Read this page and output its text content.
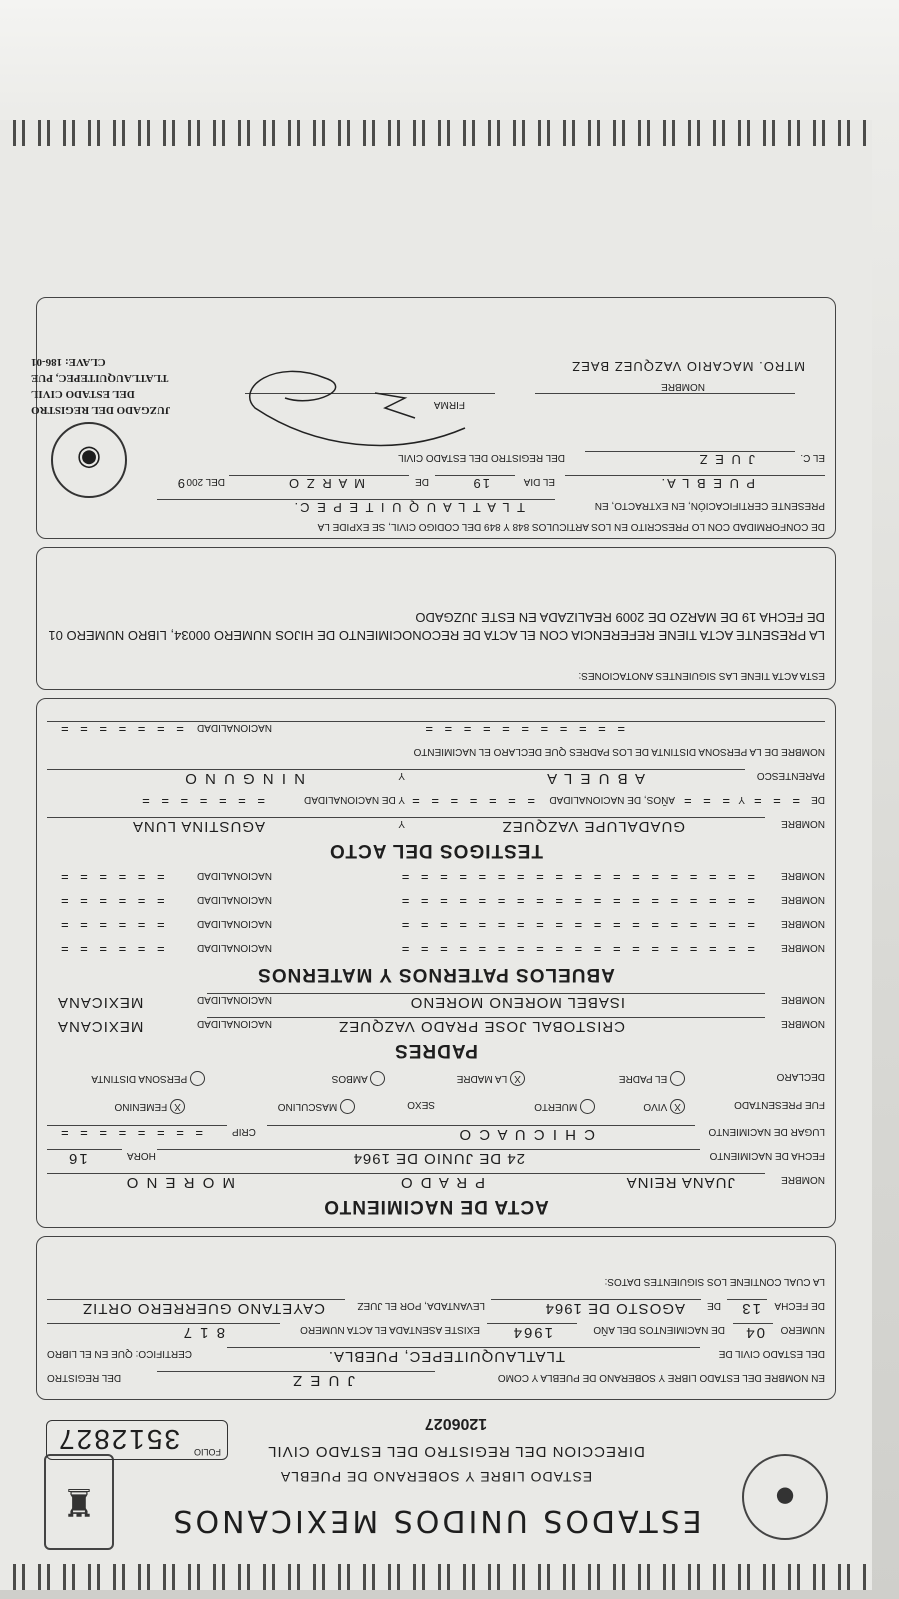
●
♜	ESTADOS UNIDOS MEXICANOS
ESTADO LIBRE Y SOBERANO DE PUEBLA
DIRECCION DEL REGISTRO DEL ESTADO CIVIL
FOLIO
3512827
1206027
EN NOMBRE DEL ESTADO LIBRE Y SOBERANO DE PUEBLA Y COMO
J U E Z
DEL REGISTRO
DEL ESTADO CIVIL DE
TLATLAUQUITEPEC, PUEBLA.
CERTIFICO: QUE EN EL LIBRO
NUMERO
04
DE NACIMIENTOS DEL AÑO
1964
EXISTE ASENTADA EL ACTA NUMERO
8 1 7
DE FECHA
13
DE
AGOSTO DE 1964
LEVANTADA, POR EL JUEZ
CAYETANO GUERRERO ORTIZ
LA CUAL CONTIENE LOS SIGUIENTES DATOS:
ACTA DE NACIMIENTO
NOMBRE
JUANA REINA
P R A D O
M O R E N O
FECHA DE NACIMIENTO
24 DE JUNIO DE 1964
HORA
16
LUGAR DE NACIMIENTO
C H I C U A C O
CRIP
= = = = = = = =
FUE PRESENTADO
X VIVO
MUERTO
SEXO
MASCULINO
X FEMENINO
DECLARO
EL PADRE
X LA MADRE
AMBOS
PERSONA DISTINTA
PADRES
NOMBRE
CRISTOBAL JOSE PRADO VAZQUEZ
NACIONALIDAD
MEXICANA
NOMBRE
ISABEL MORENO MORENO
NACIONALIDAD
MEXICANA
ABUELOS PATERNOS Y MATERNOS
NOMBRE
= = = = = = = = = = = = = = = = = = =
NACIONALIDAD
= = = = = =
NOMBRE
= = = = = = = = = = = = = = = = = = =
NACIONALIDAD
= = = = = =
NOMBRE
= = = = = = = = = = = = = = = = = = =
NACIONALIDAD
= = = = = =
NOMBRE
= = = = = = = = = = = = = = = = = = =
NACIONALIDAD
= = = = = =
TESTIGOS DEL ACTO
NOMBRE
GUADALUPE VAZQUEZ
Y
AGUSTINA LUNA
DE
= = =
Y
= = =
AÑOS, DE NACIONALIDAD
= = = = = = =
Y DE NACIONALIDAD
= = = = = = =
PARENTESCO
A B U E L A
Y
N I N G U N O
NOMBRE DE LA PERSONA DISTINTA DE LOS PADRES QUE DECLARO EL NACIMIENTO
= = = = = = = = = = =
NACIONALIDAD
= = = = = = =
ESTA ACTA TIENE LAS SIGUIENTES ANOTACIONES:
LA PRESENTE ACTA TIENE REFERENCIA CON EL ACTA DE RECONOCIMIENTO DE HIJOS NUMERO 00034, LIBRO NUMERO 01 DE FECHA 19 DE MARZO DE 2009 REALIZADA EN ESTE JUZGADO
DE CONFORMIDAD CON LO PRESCRITO EN LOS ARTICULOS 848 Y 849 DEL CODIGO CIVIL, SE EXPIDE LA
PRESENTE CERTIFICACIÓN, EN EXTRACTO, EN
T L A T L A U Q U I T E P E C.
P U E B L A.
EL DIA
19
DE
M A R Z O
DEL 200
9
EL C.
J U E Z
DEL REGISTRO DEL ESTADO CIVIL
FIRMA
NOMBRE
MTRO. MACARIO VAZQUEZ BAEZ
◉
JUZGADO DEL REGISTRO
DEL ESTADO CIVIL
TLATLAUQUITEPEC, PUE
CLAVE: 186-01
